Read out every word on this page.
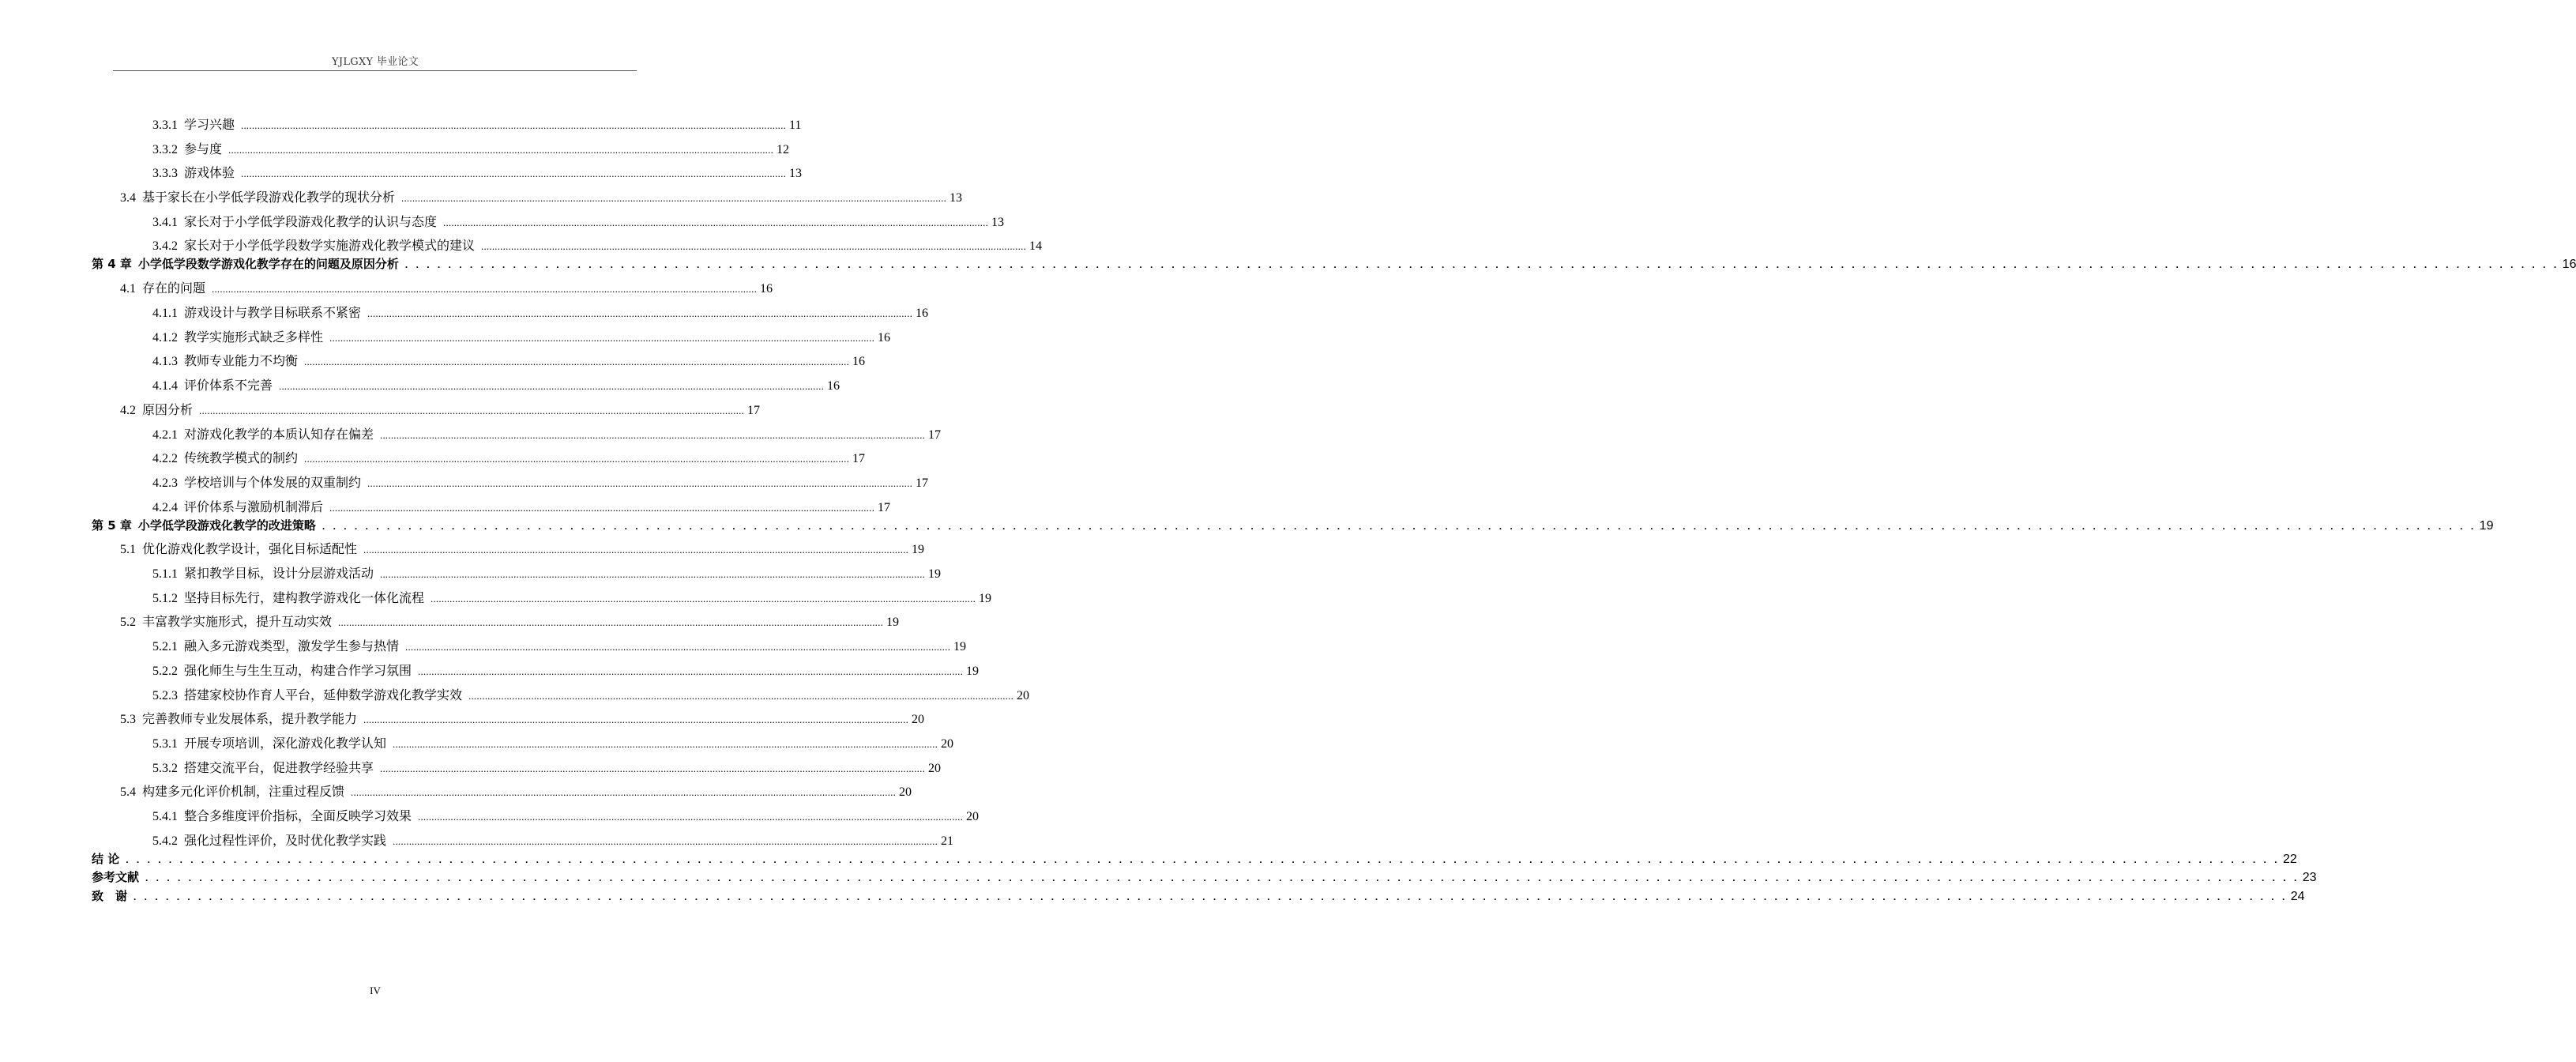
YJLGXY 毕业论文
3.3.1 学习兴趣 ........................................................................................................................................................................................................ 11
3.3.2 参与度 ........................................................................................................................................................................................................ 12
3.3.3 游戏体验 ........................................................................................................................................................................................................ 13
3.4 基于家长在小学低学段游戏化教学的现状分析 ........................................................................................................................................................................................................ 13
3.4.1 家长对于小学低学段游戏化教学的认识与态度 ........................................................................................................................................................................................................ 13
3.4.2 家长对于小学低学段数学实施游戏化教学模式的建议 ........................................................................................................................................................................................................ 14
第 4 章 小学低学段数学游戏化教学存在的问题及原因分析 . . . . . . . . . . . . . . . . . . . . . . . . . . . . . . . . . . . . . . . . . . . . . . . . . . . . . . . . . . . . . . . . . . . . . . . . . . . . . . . . . . . . . . . . . . . . . . . . . . . . . . . . . . . . . . . . . . . . . . . . . . . . . . . . . . . . . . . . . . . . . . . . . . . . . . . . . . . . . . . . . . . . . . . . . . . . . . . . . . . . . . . . . . . . . . . . . . . . . . . . 16
4.1 存在的问题 ........................................................................................................................................................................................................ 16
4.1.1 游戏设计与教学目标联系不紧密 ........................................................................................................................................................................................................ 16
4.1.2 教学实施形式缺乏多样性 ........................................................................................................................................................................................................ 16
4.1.3 教师专业能力不均衡 ........................................................................................................................................................................................................ 16
4.1.4 评价体系不完善 ........................................................................................................................................................................................................ 16
4.2 原因分析 ........................................................................................................................................................................................................ 17
4.2.1 对游戏化教学的本质认知存在偏差 ........................................................................................................................................................................................................ 17
4.2.2 传统教学模式的制约 ........................................................................................................................................................................................................ 17
4.2.3 学校培训与个体发展的双重制约 ........................................................................................................................................................................................................ 17
4.2.4 评价体系与激励机制滞后 ........................................................................................................................................................................................................ 17
第 5 章 小学低学段游戏化教学的改进策略 . . . . . . . . . . . . . . . . . . . . . . . . . . . . . . . . . . . . . . . . . . . . . . . . . . . . . . . . . . . . . . . . . . . . . . . . . . . . . . . . . . . . . . . . . . . . . . . . . . . . . . . . . . . . . . . . . . . . . . . . . . . . . . . . . . . . . . . . . . . . . . . . . . . . . . . . . . . . . . . . . . . . . . . . . . . . . . . . . . . . . . . . . . . . . . . . . . . . . . . . 19
5.1 优化游戏化教学设计，强化目标适配性 ........................................................................................................................................................................................................ 19
5.1.1 紧扣教学目标，设计分层游戏活动 ........................................................................................................................................................................................................ 19
5.1.2 坚持目标先行，建构教学游戏化一体化流程 ........................................................................................................................................................................................................ 19
5.2 丰富教学实施形式，提升互动实效 ........................................................................................................................................................................................................ 19
5.2.1 融入多元游戏类型，激发学生参与热情 ........................................................................................................................................................................................................ 19
5.2.2 强化师生与生生互动，构建合作学习氛围 ........................................................................................................................................................................................................ 19
5.2.3 搭建家校协作育人平台，延伸数学游戏化教学实效 ........................................................................................................................................................................................................ 20
5.3 完善教师专业发展体系，提升教学能力 ........................................................................................................................................................................................................ 20
5.3.1 开展专项培训，深化游戏化教学认知 ........................................................................................................................................................................................................ 20
5.3.2 搭建交流平台，促进教学经验共享 ........................................................................................................................................................................................................ 20
5.4 构建多元化评价机制，注重过程反馈 ........................................................................................................................................................................................................ 20
5.4.1 整合多维度评价指标，全面反映学习效果 ........................................................................................................................................................................................................ 20
5.4.2 强化过程性评价，及时优化教学实践 ........................................................................................................................................................................................................ 21
结 论 . . . . . . . . . . . . . . . . . . . . . . . . . . . . . . . . . . . . . . . . . . . . . . . . . . . . . . . . . . . . . . . . . . . . . . . . . . . . . . . . . . . . . . . . . . . . . . . . . . . . . . . . . . . . . . . . . . . . . . . . . . . . . . . . . . . . . . . . . . . . . . . . . . . . . . . . . . . . . . . . . . . . . . . . . . . . . . . . . . . . . . . . . . . . . . . . . . . . . . . . 22
参考文献 . . . . . . . . . . . . . . . . . . . . . . . . . . . . . . . . . . . . . . . . . . . . . . . . . . . . . . . . . . . . . . . . . . . . . . . . . . . . . . . . . . . . . . . . . . . . . . . . . . . . . . . . . . . . . . . . . . . . . . . . . . . . . . . . . . . . . . . . . . . . . . . . . . . . . . . . . . . . . . . . . . . . . . . . . . . . . . . . . . . . . . . . . . . . . . . . . . . . . . . . 23
致　谢 . . . . . . . . . . . . . . . . . . . . . . . . . . . . . . . . . . . . . . . . . . . . . . . . . . . . . . . . . . . . . . . . . . . . . . . . . . . . . . . . . . . . . . . . . . . . . . . . . . . . . . . . . . . . . . . . . . . . . . . . . . . . . . . . . . . . . . . . . . . . . . . . . . . . . . . . . . . . . . . . . . . . . . . . . . . . . . . . . . . . . . . . . . . . . . . . . . . . . . . . 24
IV
